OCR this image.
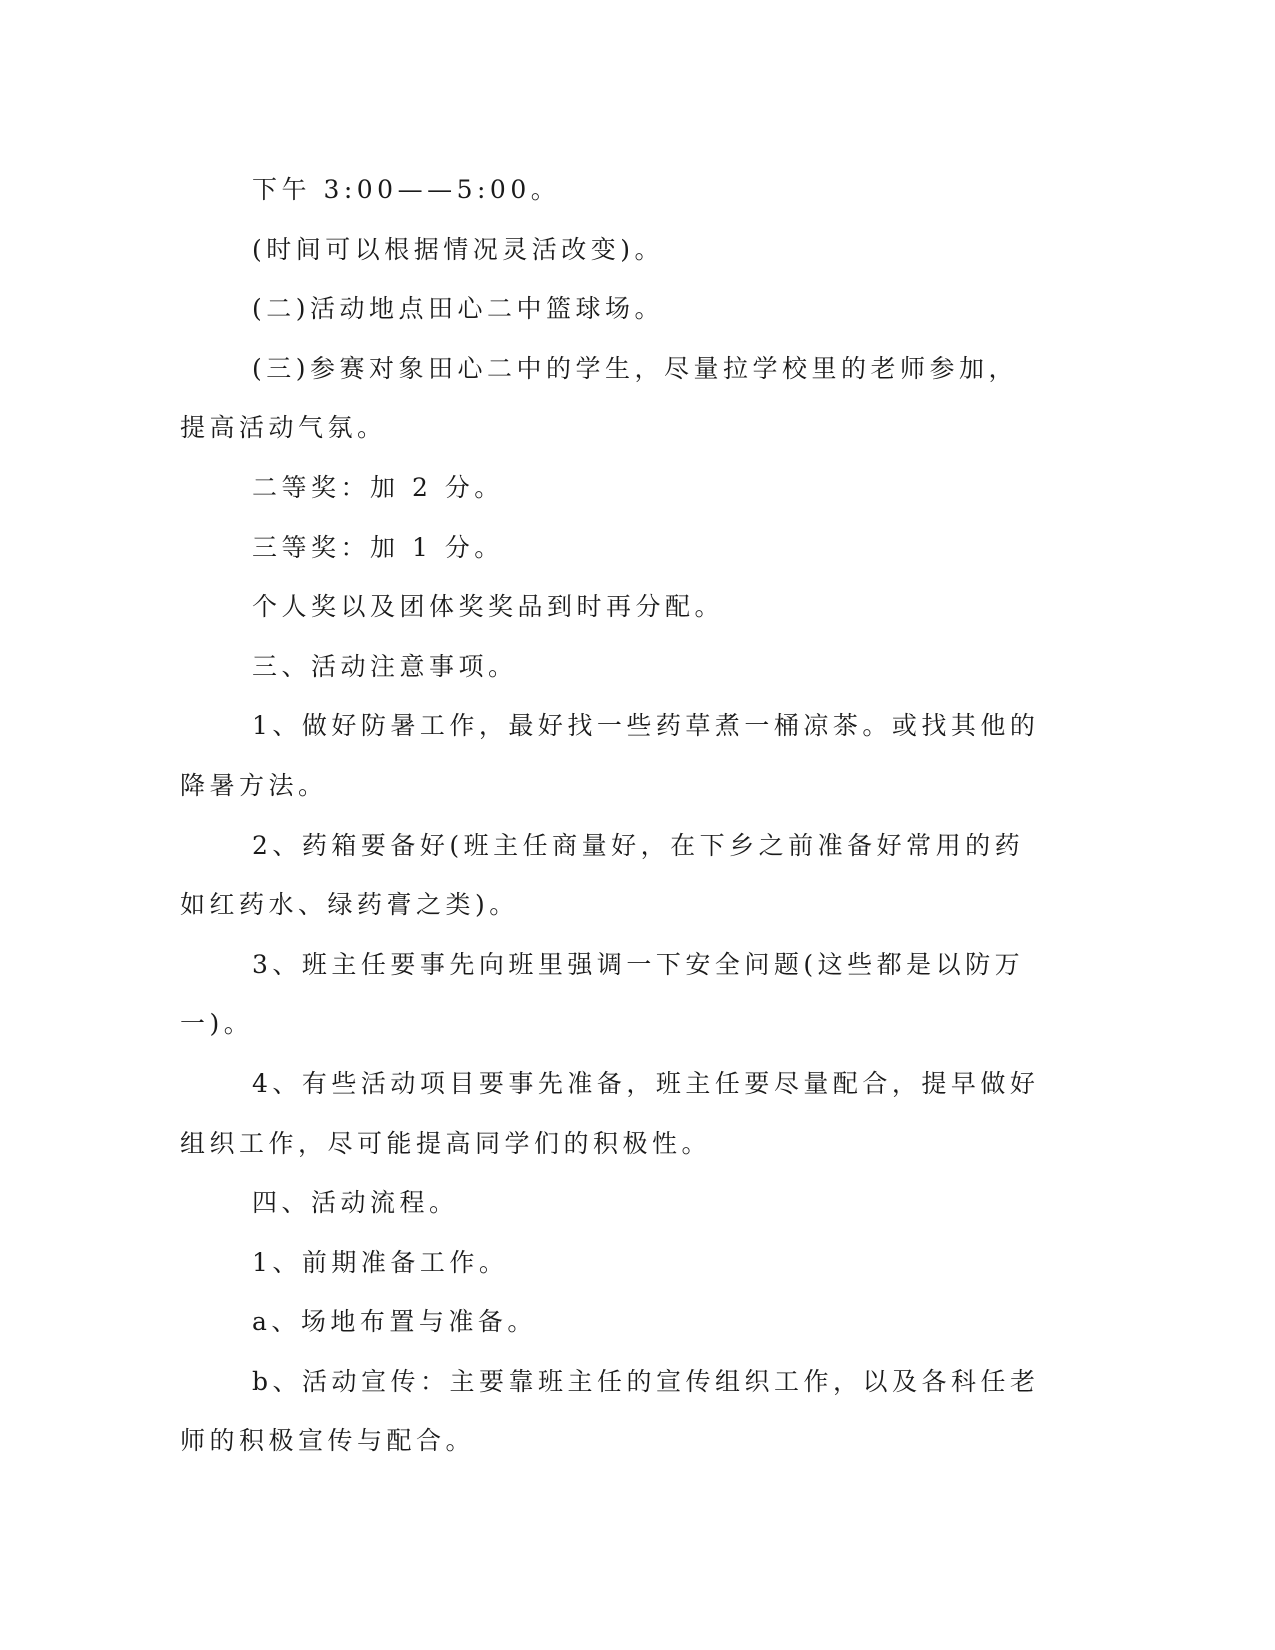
下午 3:00——5:00。

(时间可以根据情况灵活改变)。

(二)活动地点田心二中篮球场。

(三)参赛对象田心二中的学生，尽量拉学校里的老师参加，提高活动气氛。

二等奖：加 2 分。

三等奖：加 1 分。

个人奖以及团体奖奖品到时再分配。

三、活动注意事项。

1、做好防暑工作，最好找一些药草煮一桶凉茶。或找其他的降暑方法。

2、药箱要备好(班主任商量好，在下乡之前准备好常用的药如红药水、绿药膏之类)。

3、班主任要事先向班里强调一下安全问题(这些都是以防万一)。

4、有些活动项目要事先准备，班主任要尽量配合，提早做好组织工作，尽可能提高同学们的积极性。

四、活动流程。

1、前期准备工作。

a、场地布置与准备。

b、活动宣传：主要靠班主任的宣传组织工作，以及各科任老师的积极宣传与配合。
